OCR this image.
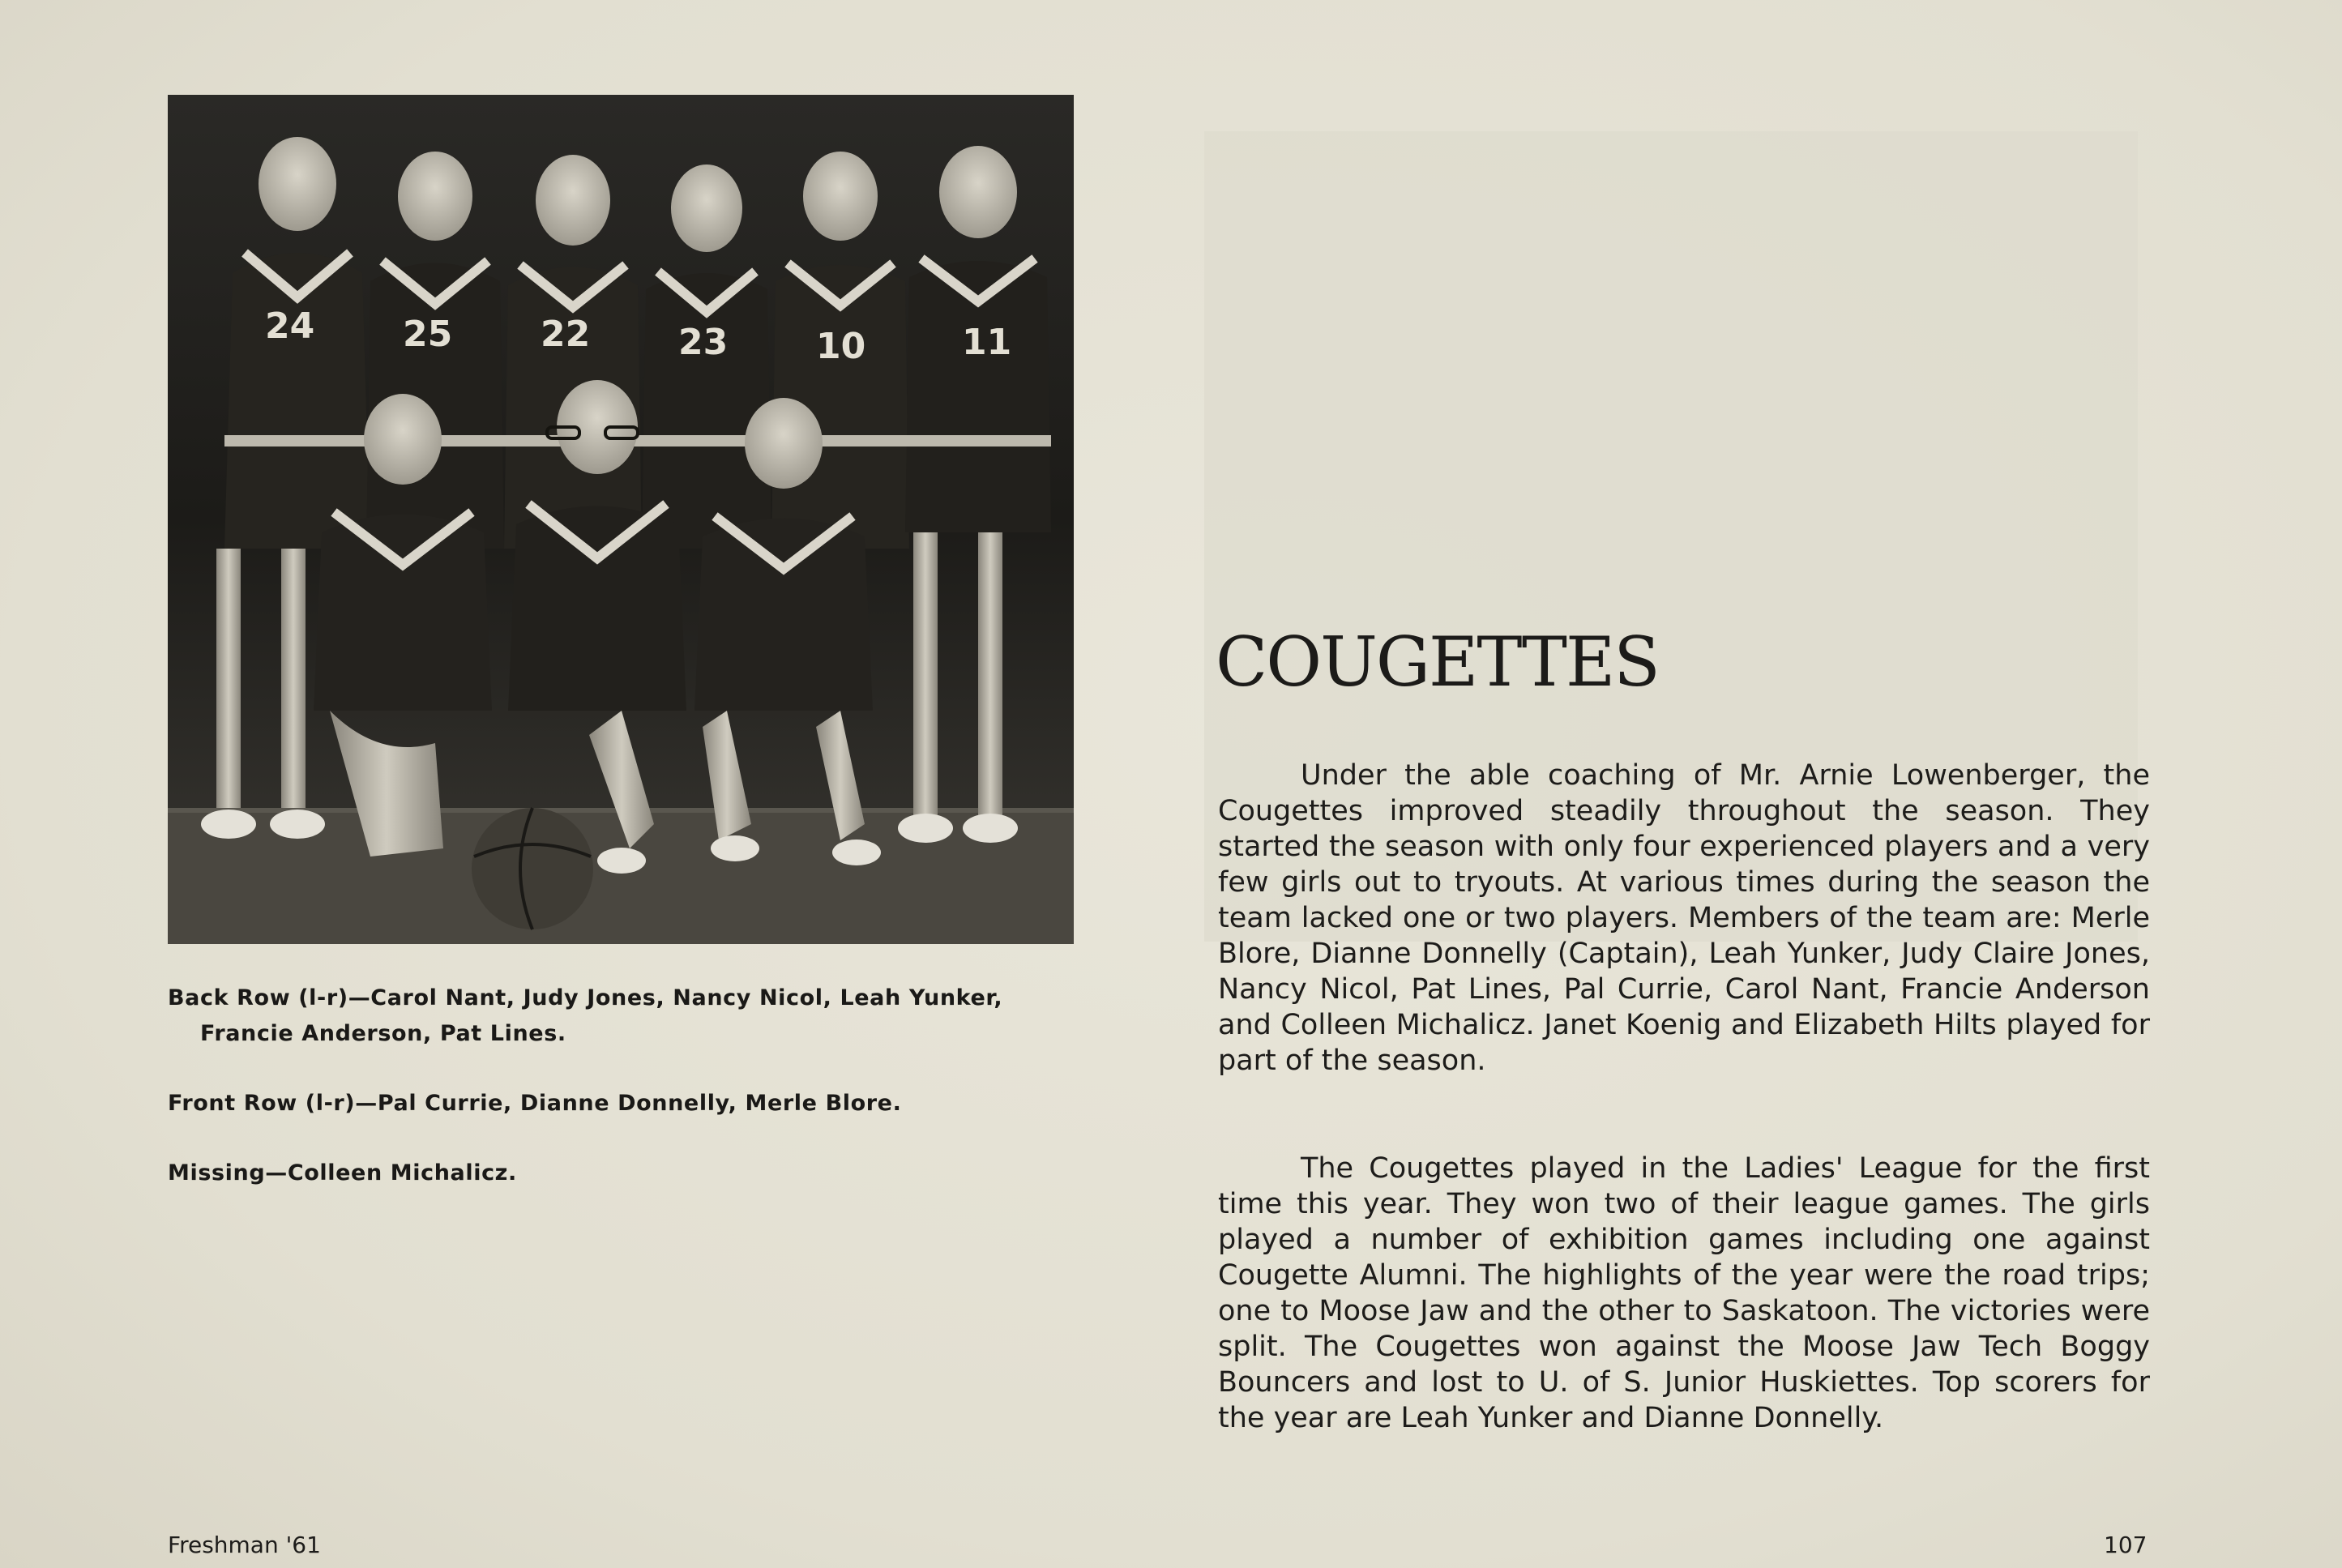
24 25 22 23 10	11
Back Row (l-r)—Carol Nant, Judy Jones, Nancy Nicol, Leah Yunker,
Francie Anderson, Pat Lines.
Front Row (l-r)—Pal Currie, Dianne Donnelly, Merle Blore.
Missing—Colleen Michalicz.
COUGETTES

Under the able coaching of Mr. Arnie Lowenberger, the Cougettes improved steadily throughout the season. They started the season with only four experienced players and a very few girls out to tryouts. At various times during the season the team lacked one or two players. Members of the team are: Merle Blore, Dianne Donnelly (Captain), Leah Yunker, Judy Claire Jones, Nancy Nicol, Pat Lines, Pal Currie, Carol Nant, Francie Anderson and Colleen Michalicz. Janet Koenig and Elizabeth Hilts played for part of the season.

The Cougettes played in the Ladies' League for the first time this year. They won two of their league games. The girls played a number of exhibition games including one against Cougette Alumni. The highlights of the year were the road trips; one to Moose Jaw and the other to Saskatoon. The victories were split. The Cougettes won against the Moose Jaw Tech Boggy Bouncers and lost to U. of S. Junior Huskiettes. Top scorers for the year are Leah Yunker and Dianne Donnelly.

Freshman '61	107
